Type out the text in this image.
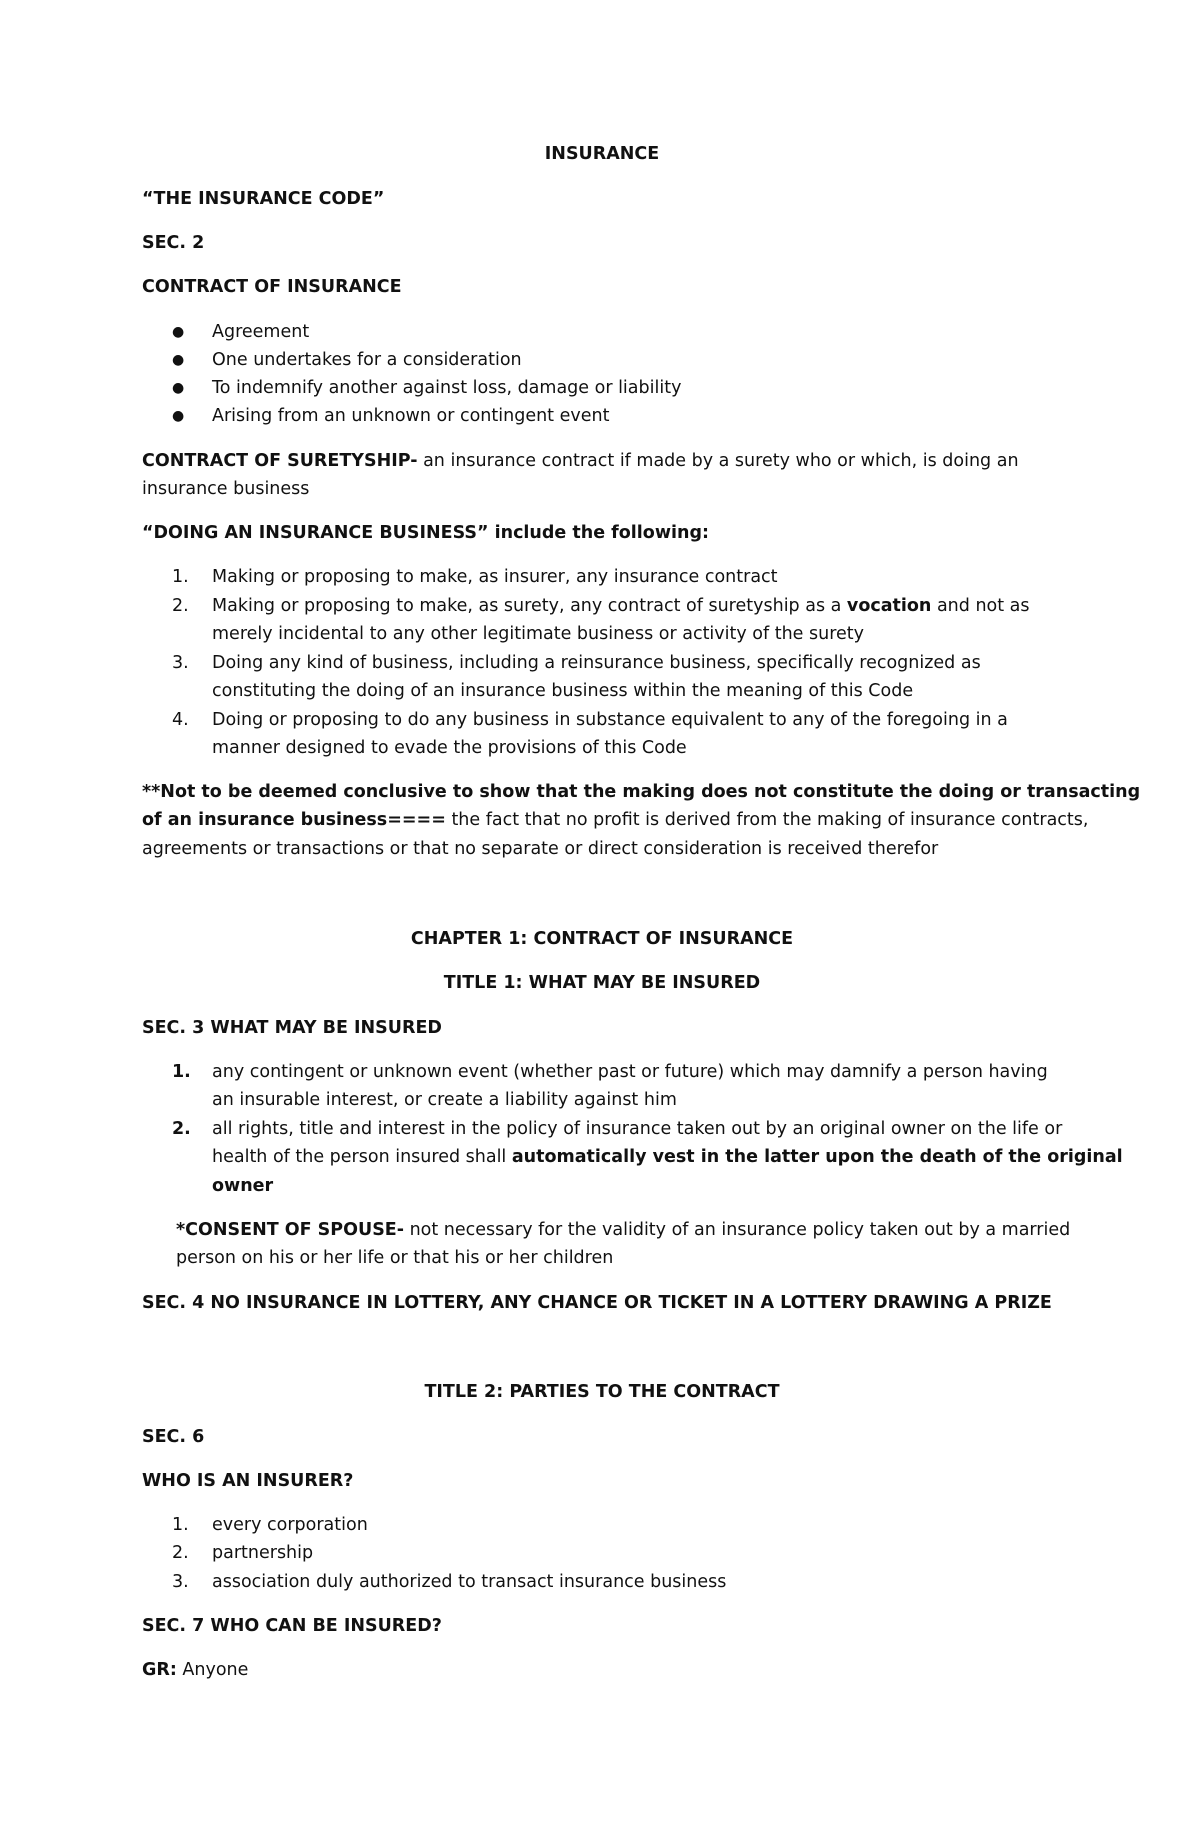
INSURANCE
“THE INSURANCE CODE”
SEC. 2
CONTRACT OF INSURANCE
● Agreement
● One undertakes for a consideration
● To indemnify another against loss, damage or liability
● Arising from an unknown or contingent event
CONTRACT OF SURETYSHIP- an insurance contract if made by a surety who or which, is doing an
insurance business
“DOING AN INSURANCE BUSINESS” include the following:
1. Making or proposing to make, as insurer, any insurance contract
2. Making or proposing to make, as surety, any contract of suretyship as a vocation and not as
merely incidental to any other legitimate business or activity of the surety
3. Doing any kind of business, including a reinsurance business, specifically recognized as
constituting the doing of an insurance business within the meaning of this Code
4. Doing or proposing to do any business in substance equivalent to any of the foregoing in a
manner designed to evade the provisions of this Code
**Not to be deemed conclusive to show that the making does not constitute the doing or transacting
of an insurance business==== the fact that no profit is derived from the making of insurance contracts,
agreements or transactions or that no separate or direct consideration is received therefor
CHAPTER 1: CONTRACT OF INSURANCE
TITLE 1: WHAT MAY BE INSURED
SEC. 3 WHAT MAY BE INSURED
1. any contingent or unknown event (whether past or future) which may damnify a person having
an insurable interest, or create a liability against him
2. all rights, title and interest in the policy of insurance taken out by an original owner on the life or
health of the person insured shall automatically vest in the latter upon the death of the original
owner
*CONSENT OF SPOUSE- not necessary for the validity of an insurance policy taken out by a married
person on his or her life or that his or her children
SEC. 4 NO INSURANCE IN LOTTERY, ANY CHANCE OR TICKET IN A LOTTERY DRAWING A PRIZE
TITLE 2: PARTIES TO THE CONTRACT
SEC. 6
WHO IS AN INSURER?
1. every corporation
2. partnership
3. association duly authorized to transact insurance business
SEC. 7 WHO CAN BE INSURED?
GR: Anyone
